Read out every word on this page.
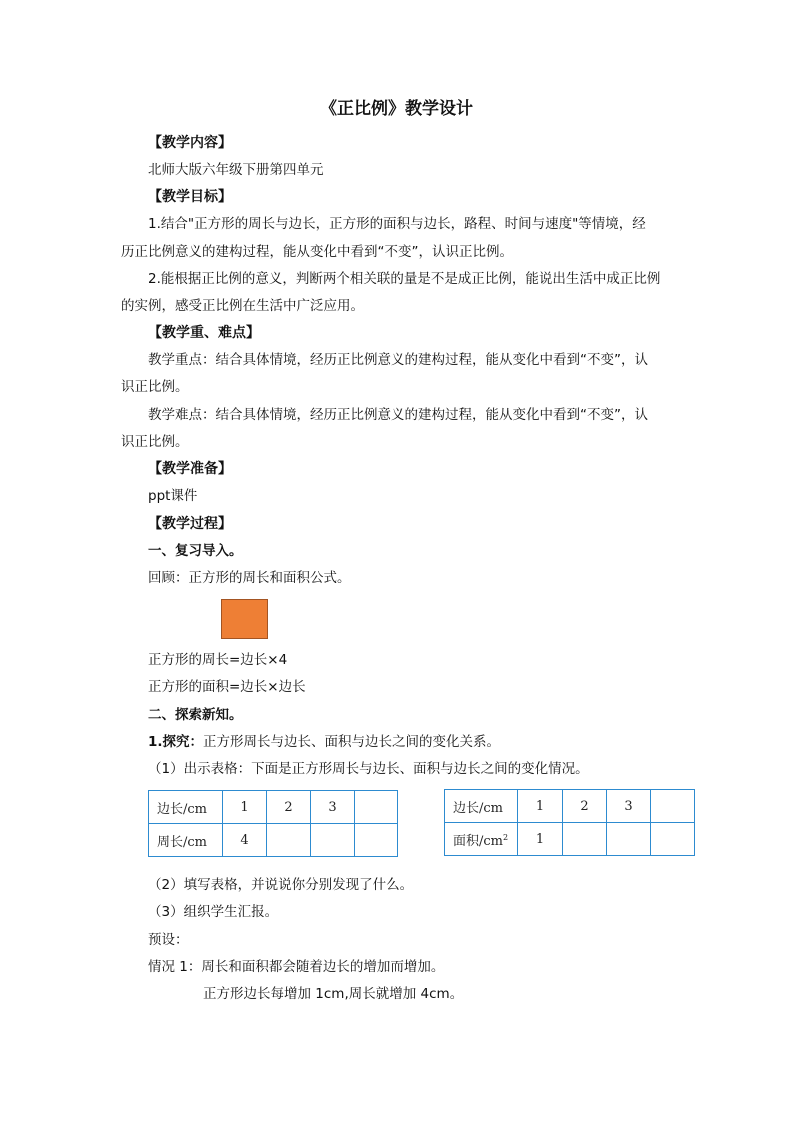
《正比例》教学设计
【教学内容】
北师大版六年级下册第四单元
【教学目标】
1.结合"正方形的周长与边长，正方形的面积与边长，路程、时间与速度"等情境，经
历正比例意义的建构过程，能从变化中看到“不变”，认识正比例。
2.能根据正比例的意义，判断两个相关联的量是不是成正比例，能说出生活中成正比例
的实例，感受正比例在生活中广泛应用。
【教学重、难点】
教学重点：结合具体情境，经历正比例意义的建构过程，能从变化中看到“不变”，认
识正比例。
教学难点：结合具体情境，经历正比例意义的建构过程，能从变化中看到“不变”，认
识正比例。
【教学准备】
ppt课件
【教学过程】
一、复习导入。
回顾：正方形的周长和面积公式。
正方形的周长=边长×4
正方形的面积=边长×边长
二、探索新知。
1.探究：正方形周长与边长、面积与边长之间的变化关系。
（1）出示表格：下面是正方形周长与边长、面积与边长之间的变化情况。
边长/cm	1	2	3	
周长/cm	4			
边长/cm	1	2	3	
面积$/cm^2$	1			
（2）填写表格，并说说你分别发现了什么。
（3）组织学生汇报。
预设：
情况 1：周长和面积都会随着边长的增加而增加。
正方形边长每增加 1cm,周长就增加 4cm。
